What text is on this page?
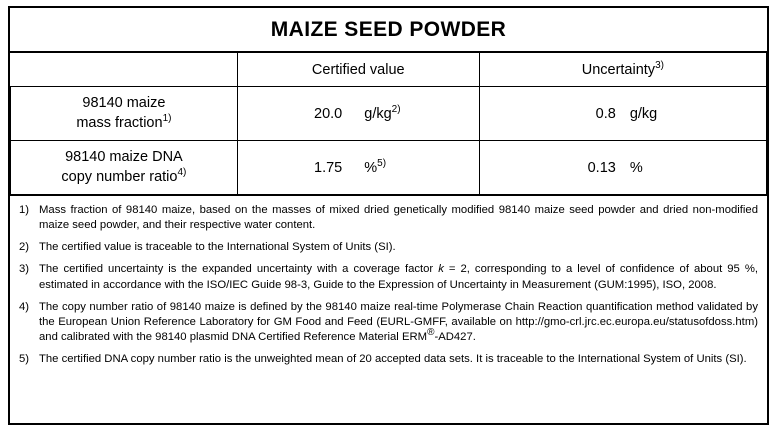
MAIZE SEED POWDER
	Certified value	Uncertainty$^{3)}$

98140 maize
mass fraction$^{1)}$	20.0 $g/kg^{2)}$	0.8 g/kg

98140 maize DNA
copy number ratio$^{4)}$	1.75 %$^{5)}$	0.13 %
1) Mass fraction of 98140 maize, based on the masses of mixed dried genetically modified 98140 maize seed powder and dried non-modified maize seed powder, and their respective water content.
2) The certified value is traceable to the International System of Units (SI).
3) The certified uncertainty is the expanded uncertainty with a coverage factor k = 2, corresponding to a level of confidence of about 95 %, estimated in accordance with the ISO/IEC Guide 98-3, Guide to the Expression of Uncertainty in Measurement (GUM:1995), ISO, 2008.
4) The copy number ratio of 98140 maize is defined by the 98140 maize real-time Polymerase Chain Reaction quantification method validated by the European Union Reference Laboratory for GM Food and Feed (EURL-GMFF, available on http://gmo-crl.jrc.ec.europa.eu/statusofdoss.htm) and calibrated with the 98140 plasmid DNA Certified Reference Material ERM®-AD427.
5) The certified DNA copy number ratio is the unweighted mean of 20 accepted data sets. It is traceable to the International System of Units (SI).
